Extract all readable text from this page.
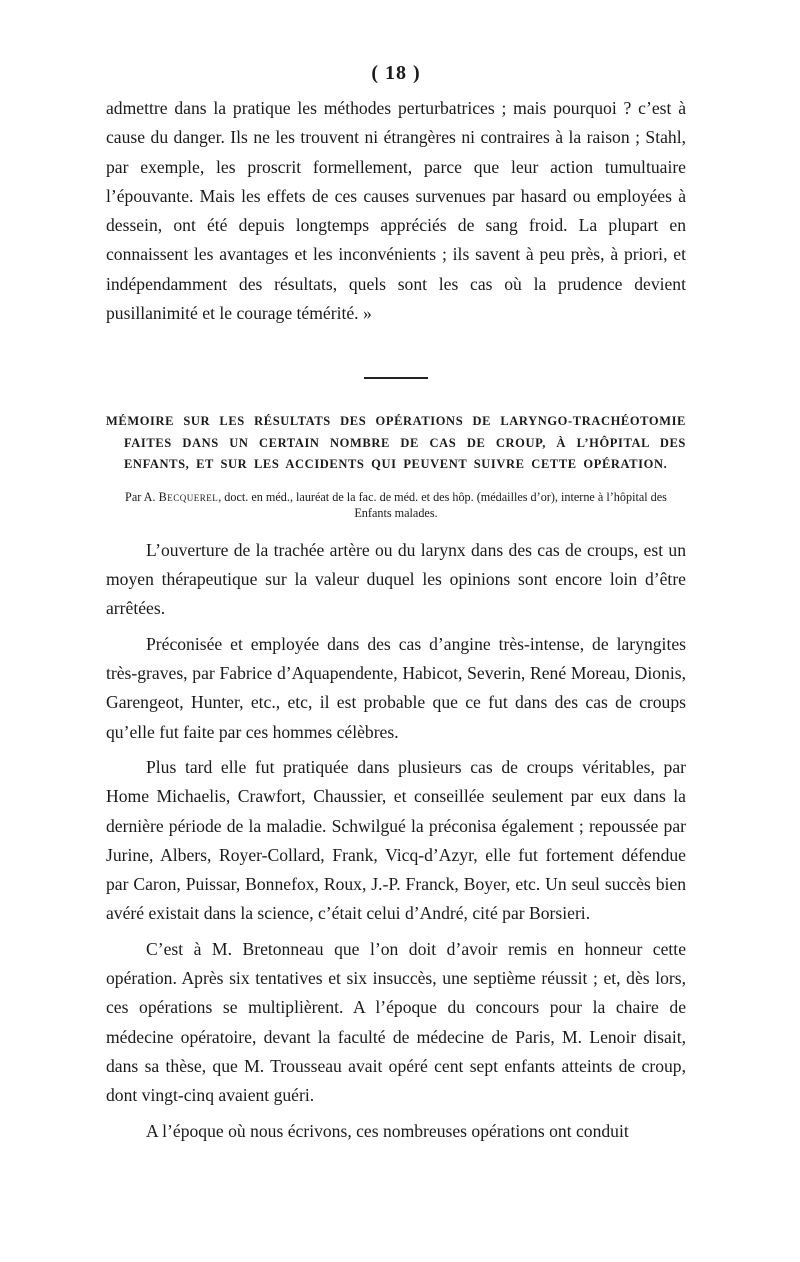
( 18 )

admettre dans la pratique les méthodes perturbatrices ; mais pourquoi ? c’est à cause du danger. Ils ne les trouvent ni étrangères ni contraires à la raison ; Stahl, par exemple, les proscrit formellement, parce que leur action tumultuaire l’épouvante. Mais les effets de ces causes survenues par hasard ou employées à dessein, ont été depuis longtemps appréciés de sang froid. La plupart en connaissent les avantages et les inconvénients ; ils savent à peu près, à priori, et indépendamment des résultats, quels sont les cas où la prudence devient pusillanimité et le courage témérité. »

MÉMOIRE SUR LES RÉSULTATS DES OPÉRATIONS DE LARYNGO-TRACHÉOTOMIE FAITES DANS UN CERTAIN NOMBRE DE CAS DE CROUP, À L’HÔPITAL DES ENFANTS, ET SUR LES ACCIDENTS QUI PEUVENT SUIVRE CETTE OPÉRATION.
Par A. Becquerel, doct. en méd., lauréat de la fac. de méd. et des hôp. (médailles d’or), interne à l’hôpital des Enfants malades.

L’ouverture de la trachée artère ou du larynx dans des cas de croups, est un moyen thérapeutique sur la valeur duquel les opinions sont encore loin d’être arrêtées.

Préconisée et employée dans des cas d’angine très-intense, de laryngites très-graves, par Fabrice d’Aquapendente, Habicot, Severin, René Moreau, Dionis, Garengeot, Hunter, etc., etc, il est probable que ce fut dans des cas de croups qu’elle fut faite par ces hommes célèbres.

Plus tard elle fut pratiquée dans plusieurs cas de croups véritables, par Home Michaelis, Crawfort, Chaussier, et conseillée seulement par eux dans la dernière période de la maladie. Schwilgué la préconisa également ; repoussée par Jurine, Albers, Royer-Collard, Frank, Vicq-d’Azyr, elle fut fortement défendue par Caron, Puissar, Bonnefox, Roux, J.-P. Franck, Boyer, etc. Un seul succès bien avéré existait dans la science, c’était celui d’André, cité par Borsieri.

C’est à M. Bretonneau que l’on doit d’avoir remis en honneur cette opération. Après six tentatives et six insuccès, une septième réussit ; et, dès lors, ces opérations se multiplièrent. A l’époque du concours pour la chaire de médecine opératoire, devant la faculté de médecine de Paris, M. Lenoir disait, dans sa thèse, que M. Trousseau avait opéré cent sept enfants atteints de croup, dont vingt-cinq avaient guéri.

A l’époque où nous écrivons, ces nombreuses opérations ont conduit
